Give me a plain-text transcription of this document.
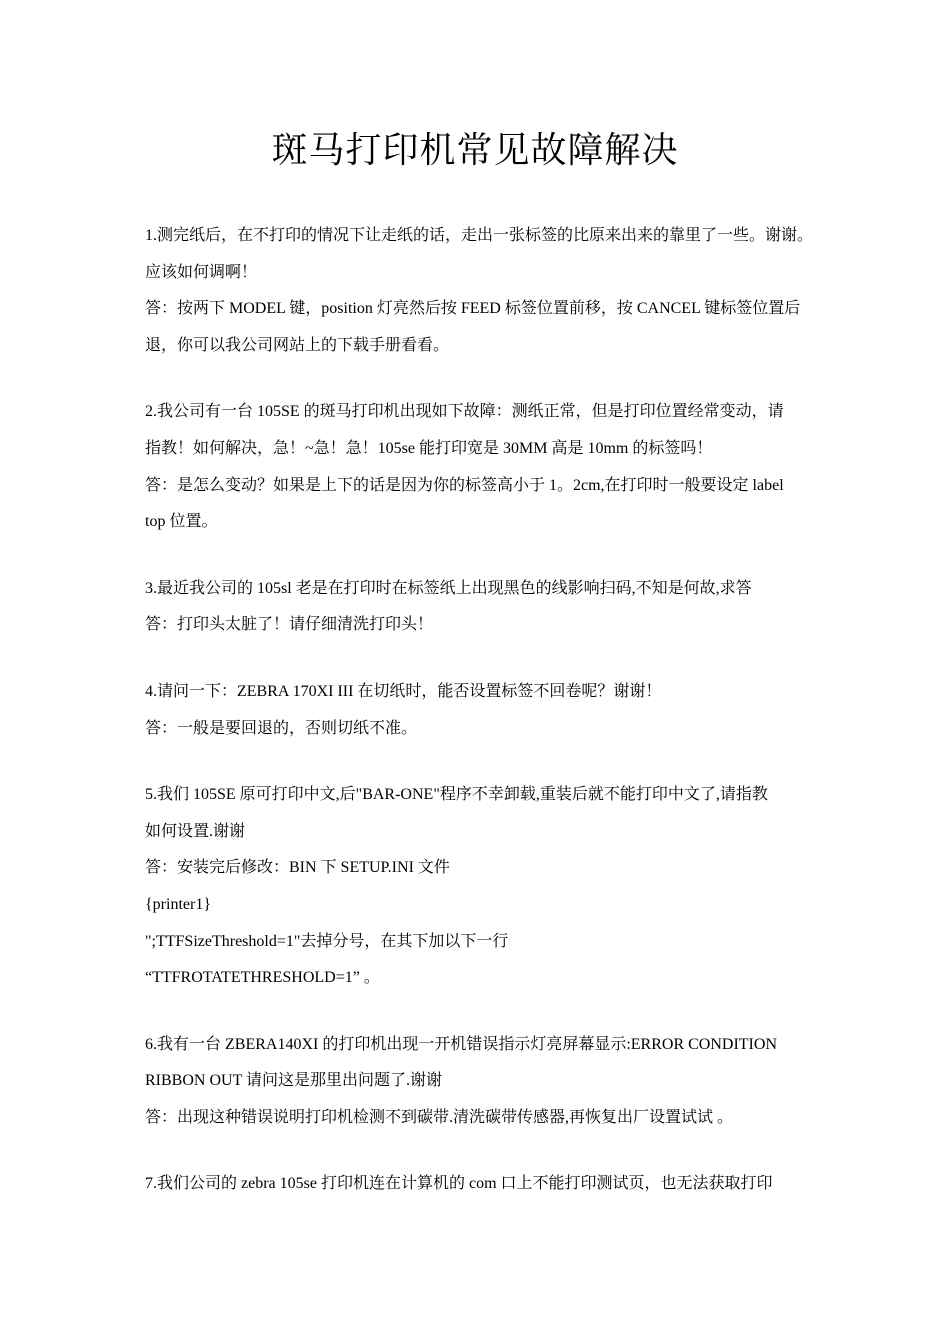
斑马打印机常见故障解决
1.测完纸后，在不打印的情况下让走纸的话，走出一张标签的比原来出来的靠里了一些。谢谢。
应该如何调啊！
答：按两下 MODEL 键，position 灯亮然后按 FEED 标签位置前移，按 CANCEL 键标签位置后
退，你可以我公司网站上的下载手册看看。
2.我公司有一台 105SE 的斑马打印机出现如下故障：测纸正常，但是打印位置经常变动，请
指教！如何解决，急！~急！急！105se 能打印宽是 30MM 高是 10mm 的标签吗！
答：是怎么变动？如果是上下的话是因为你的标签高小于 1。2cm,在打印时一般要设定 label
top 位置。
3.最近我公司的 105sl 老是在打印时在标签纸上出现黑色的线影响扫码,不知是何故,求答
答：打印头太脏了！请仔细清洗打印头！
4.请问一下：ZEBRA 170XI III 在切纸时，能否设置标签不回卷呢？谢谢！
答：一般是要回退的，否则切纸不准。
5.我们 105SE 原可打印中文,后"BAR-ONE"程序不幸卸载,重装后就不能打印中文了,请指教
如何设置.谢谢
答：安装完后修改：BIN 下 SETUP.INI 文件
{printer1}
";TTFSizeThreshold=1"去掉分号，在其下加以下一行
“TTFROTATETHRESHOLD=1” 。
6.我有一台 ZBERA140XI 的打印机出现一开机错误指示灯亮屏幕显示:ERROR CONDITION
RIBBON OUT 请问这是那里出问题了.谢谢
答：出现这种错误说明打印机检测不到碳带.清洗碳带传感器,再恢复出厂设置试试 。
7.我们公司的 zebra 105se 打印机连在计算机的 com 口上不能打印测试页，也无法获取打印
